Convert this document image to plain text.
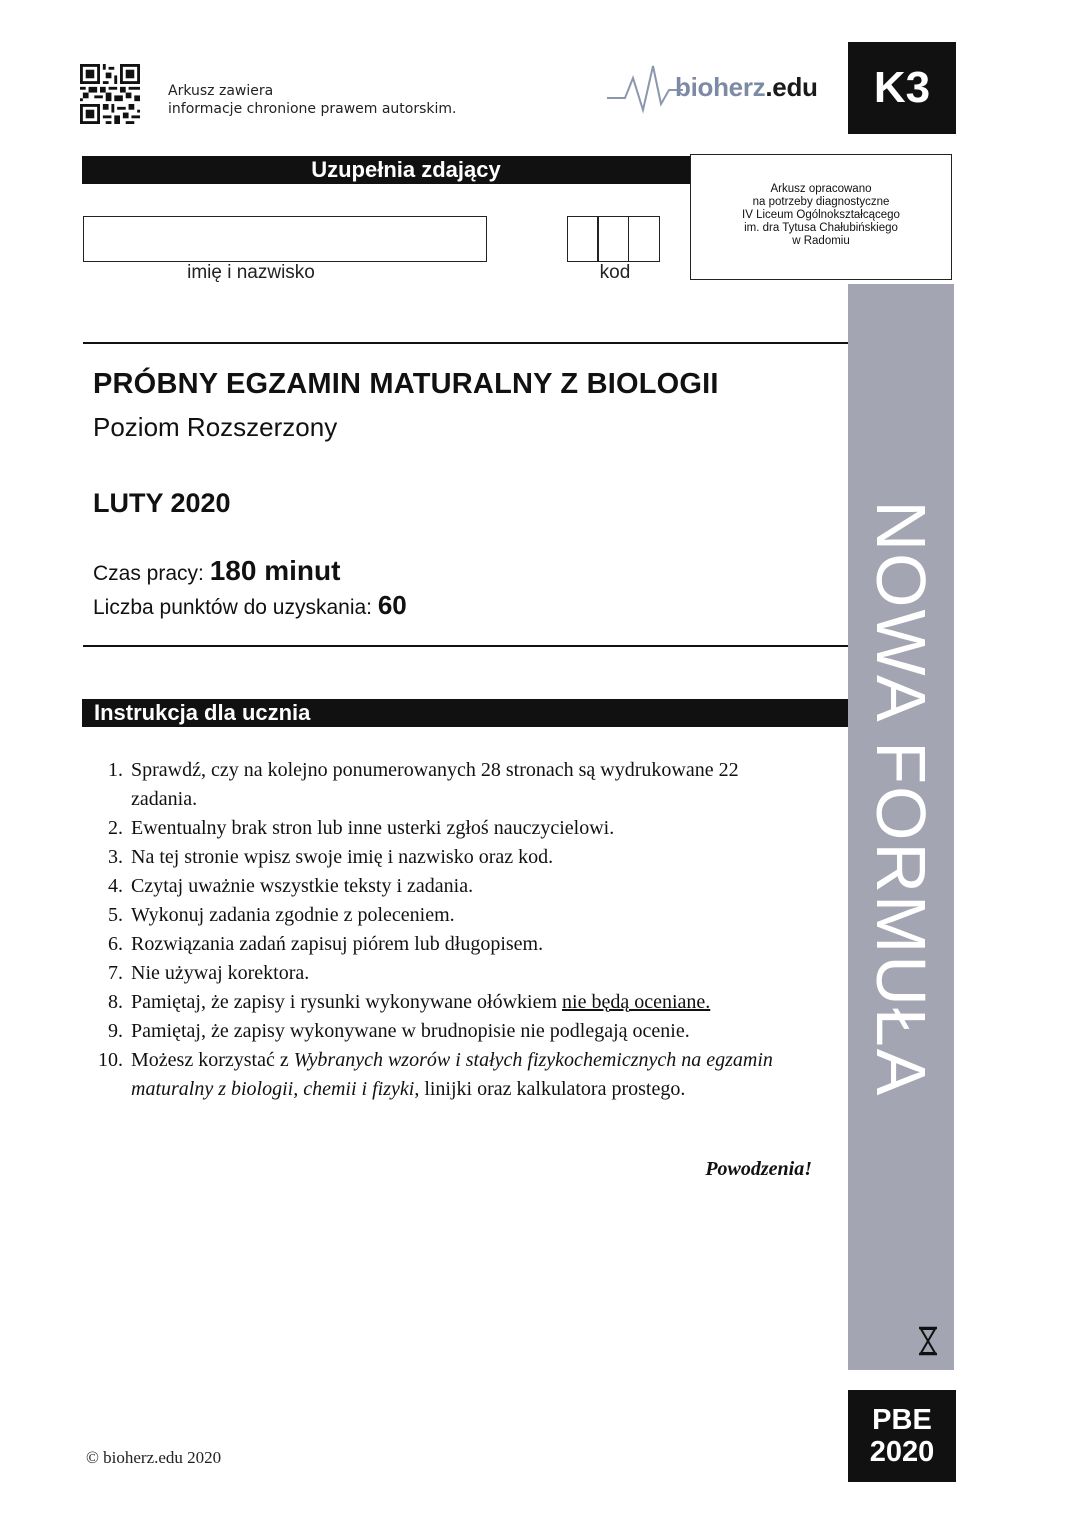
Arkusz zawiera
informacje chronione prawem autorskim.
bioherz.edu	K3
Uzupełnia zdający
imię i nazwisko	kod
Arkusz opracowano
na potrzeby diagnostyczne
IV Liceum Ogólnokształcącego
im. dra Tytusa Chałubińskiego
w Radomiu
NOWA FORMUŁA
PBE
2020
PRÓBNY EGZAMIN MATURALNY Z BIOLOGII
Poziom Rozszerzony
LUTY 2020
Czas pracy: 180 minut
Liczba punktów do uzyskania: 60
Instrukcja dla ucznia
1. Sprawdź, czy na kolejno ponumerowanych 28 stronach są wydrukowane 22 zadania.
2. Ewentualny brak stron lub inne usterki zgłoś nauczycielowi.
3. Na tej stronie wpisz swoje imię i nazwisko oraz kod.
4. Czytaj uważnie wszystkie teksty i zadania.
5. Wykonuj zadania zgodnie z poleceniem.
6. Rozwiązania zadań zapisuj piórem lub długopisem.
7. Nie używaj korektora.
8. Pamiętaj, że zapisy i rysunki wykonywane ołówkiem nie będą oceniane.
9. Pamiętaj, że zapisy wykonywane w brudnopisie nie podlegają ocenie.
10. Możesz korzystać z Wybranych wzorów i stałych fizykochemicznych na egzamin maturalny z biologii, chemii i fizyki, linijki oraz kalkulatora prostego.
Powodzenia!
© bioherz.edu 2020
